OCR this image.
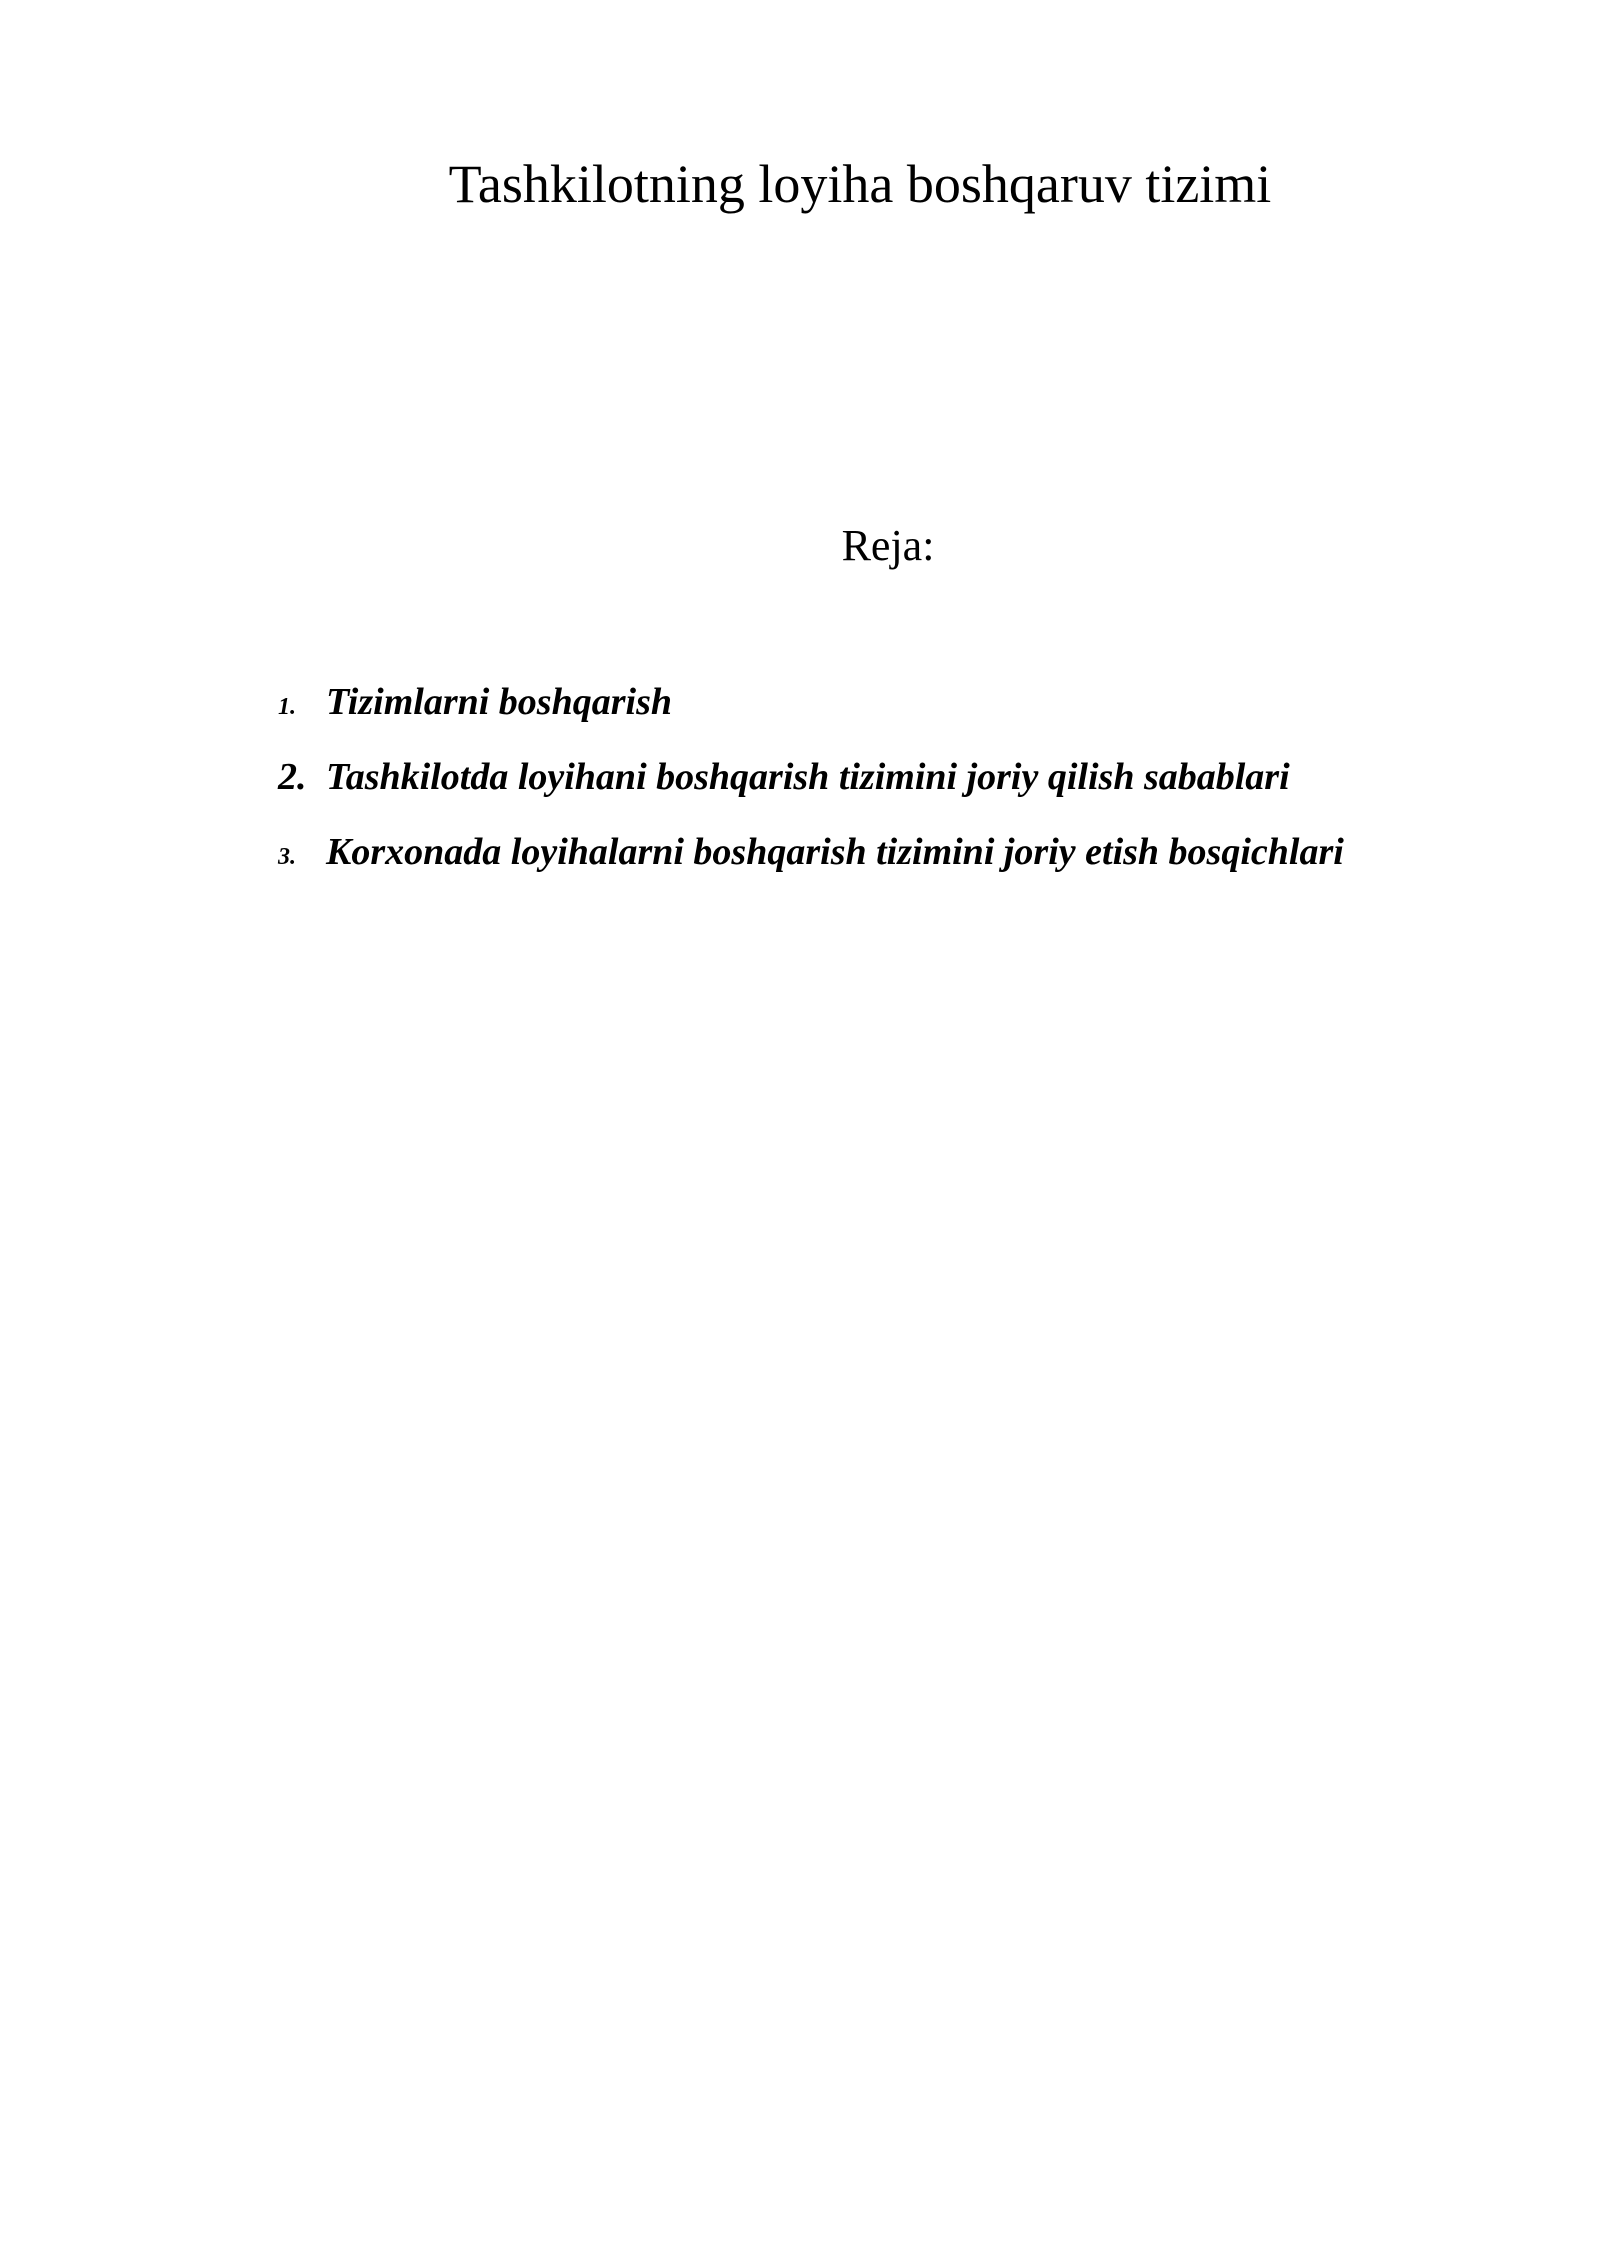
Tashkilotning loyiha boshqaruv tizimi
Reja:
1. Tizimlarni boshqarish
2. Tashkilotda loyihani boshqarish tizimini joriy qilish sabablari
3. Korxonada loyihalarni boshqarish tizimini joriy etish bosqichlari
